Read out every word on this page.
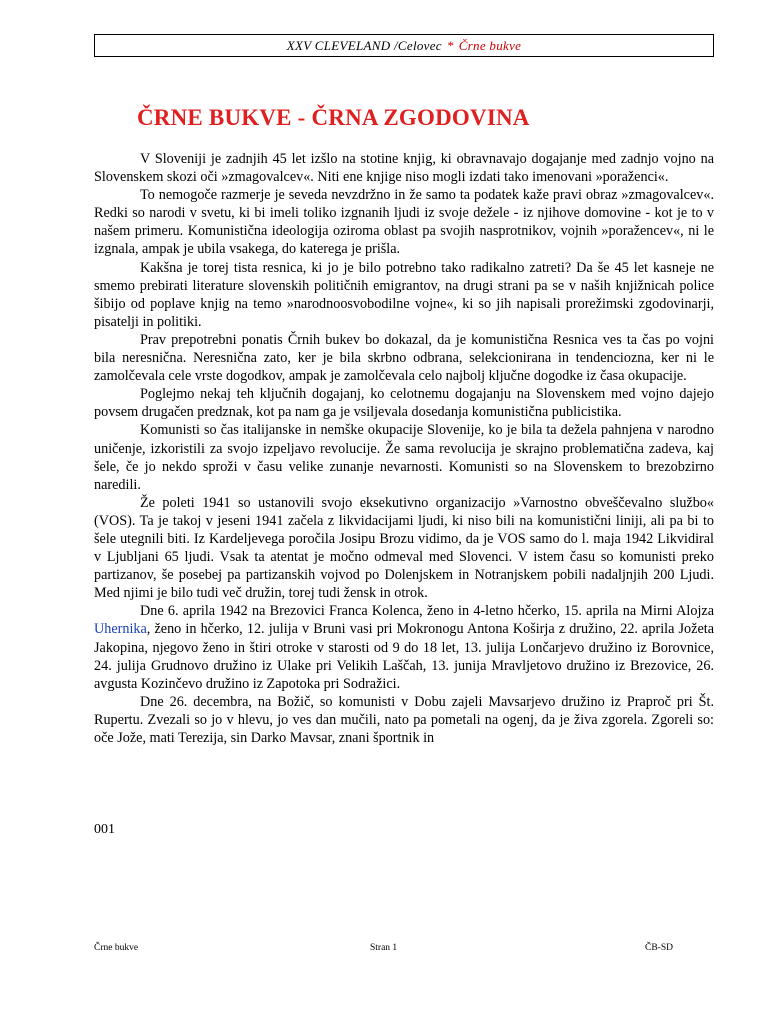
XXV CLEVELAND /Celovec * Črne bukve
ČRNE BUKVE - ČRNA ZGODOVINA

V Sloveniji je zadnjih 45 let izšlo na stotine knjig, ki obravnavajo dogajanje med zadnjo vojno na Slovenskem skozi oči »zmagovalcev«. Niti ene knjige niso mogli izdati tako imenovani »poraženci«.

To nemogoče razmerje je seveda nevzdržno in že samo ta podatek kaže pravi obraz »zmagovalcev«. Redki so narodi v svetu, ki bi imeli toliko izgnanih ljudi iz svoje dežele - iz njihove domovine - kot je to v našem primeru. Komunistična ideologija oziroma oblast pa svojih nasprotnikov, vojnih »poražencev«, ni le izgnala, ampak je ubila vsakega, do katerega je prišla.

Kakšna je torej tista resnica, ki jo je bilo potrebno tako radikalno zatreti? Da še 45 let kasneje ne smemo prebirati literature slovenskih političnih emigrantov, na drugi strani pa se v naših knjižnicah police šibijo od poplave knjig na temo »narodnoosvobodilne vojne«, ki so jih napisali prorežimski zgodovinarji, pisatelji in politiki.

Prav prepotrebni ponatis Črnih bukev bo dokazal, da je komunistična Resnica ves ta čas po vojni bila neresnična. Neresnična zato, ker je bila skrbno odbrana, selekcionirana in tendenciozna, ker ni le zamolčevala cele vrste dogodkov, ampak je zamolčevala celo najbolj ključne dogodke iz časa okupacije.

Poglejmo nekaj teh ključnih dogajanj, ko celotnemu dogajanju na Slovenskem med vojno dajejo povsem drugačen predznak, kot pa nam ga je vsiljevala dosedanja komunistična publicistika.

Komunisti so čas italijanske in nemške okupacije Slovenije, ko je bila ta dežela pahnjena v narodno uničenje, izkoristili za svojo izpeljavo revolucije. Že sama revolucija je skrajno problematična zadeva, kaj šele, če jo nekdo sproži v času velike zunanje nevarnosti. Komunisti so na Slovenskem to brezobzirno naredili.

Že poleti 1941 so ustanovili svojo eksekutivno organizacijo »Varnostno obveščevalno službo« (VOS). Ta je takoj v jeseni 1941 začela z likvidacijami ljudi, ki niso bili na komunistični liniji, ali pa bi to šele utegnili biti. Iz Kardeljevega poročila Josipu Brozu vidimo, da je VOS samo do l. maja 1942 Likvidiral v Ljubljani 65 ljudi. Vsak ta atentat je močno odmeval med Slovenci. V istem času so komunisti preko partizanov, še posebej pa partizanskih vojvod po Dolenjskem in Notranjskem pobili nadaljnjih 200 Ljudi. Med njimi je bilo tudi več družin, torej tudi žensk in otrok.

Dne 6. aprila 1942 na Brezovici Franca Kolenca, ženo in 4-letno hčerko, 15. aprila na Mirni Alojza Uhernika, ženo in hčerko, 12. julija v Bruni vasi pri Mokronogu Antona Koširja z družino, 22. aprila Jožeta Jakopina, njegovo ženo in štiri otroke v starosti od 9 do 18 let, 13. julija Lončarjevo družino iz Borovnice, 24. julija Grudnovo družino iz Ulake pri Velikih Laščah, 13. junija Mravljetovo družino iz Brezovice, 26. avgusta Kozinčevo družino iz Zapotoka pri Sodražici.

Dne 26. decembra, na Božič, so komunisti v Dobu zajeli Mavsarjevo družino iz Praproč pri Št. Rupertu. Zvezali so jo v hlevu, jo ves dan mučili, nato pa pometali na ogenj, da je živa zgorela. Zgoreli so: oče Jože, mati Terezija, sin Darko Mavsar, znani športnik in

001
Črne bukve	Stran 1	ČB-SD
